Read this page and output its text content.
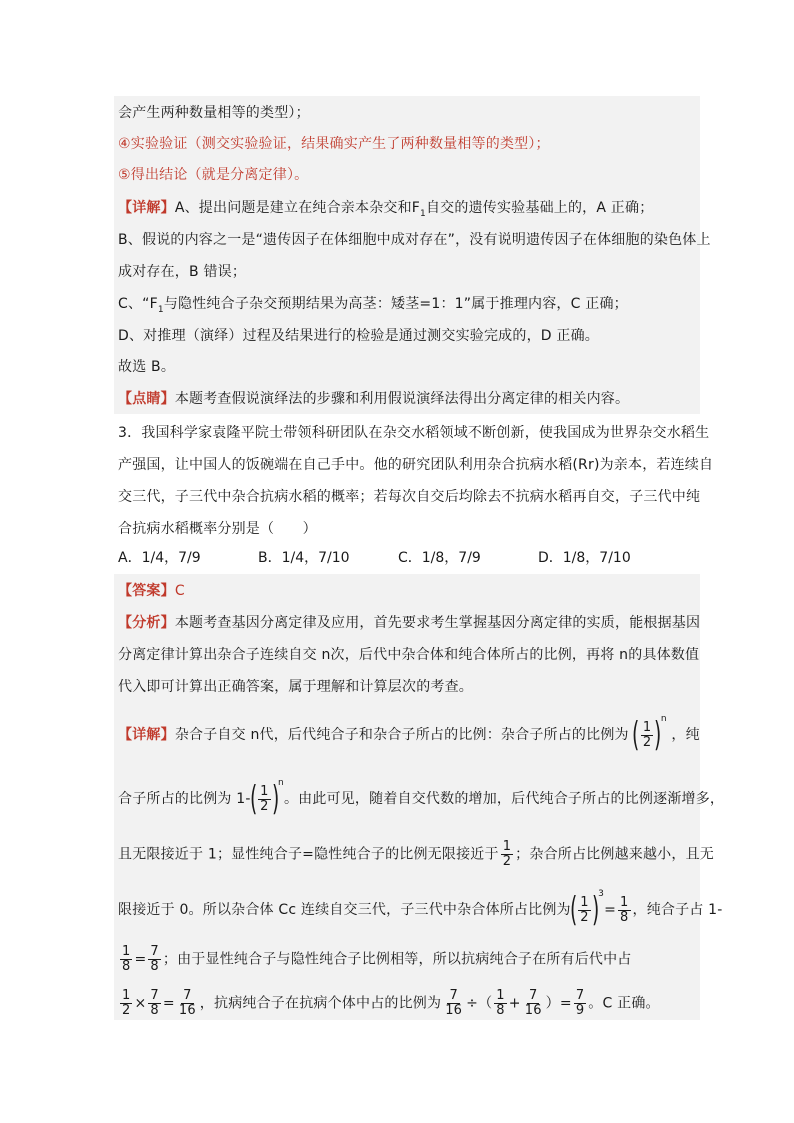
会产生两种数量相等的类型）；
④实验验证（测交实验验证，结果确实产生了两种数量相等的类型）；
⑤得出结论（就是分离定律）。
【详解】A、提出问题是建立在纯合亲本杂交和$F_1$自交的遗传实验基础上的，A 正确；
B、假说的内容之一是“遗传因子在体细胞中成对存在”，没有说明遗传因子在体细胞的染色体上
成对存在，B 错误；
C、“$F_1$与隐性纯合子杂交预期结果为高茎：矮茎=1：1”属于推理内容，C 正确；
D、对推理（演绎）过程及结果进行的检验是通过测交实验完成的，D 正确。
故选 B。
【点睛】本题考查假说演绎法的步骤和利用假说演绎法得出分离定律的相关内容。
3．我国科学家袁隆平院士带领科研团队在杂交水稻领域不断创新，使我国成为世界杂交水稻生
产强国，让中国人的饭碗端在自己手中。他的研究团队利用杂合抗病水稻(Rr)为亲本，若连续自
交三代，子三代中杂合抗病水稻的概率；若每次自交后均除去不抗病水稻再自交，子三代中纯
合抗病水稻概率分别是（　　）
A．1/4，7/9	B．1/4，7/10	C．1/8，7/9	D．1/8，7/10
【答案】C
【分析】本题考查基因分离定律及应用，首先要求考生掌握基因分离定律的实质，能根据基因
分离定律计算出杂合子连续自交 n次，后代中杂合体和纯合体所占的比例，再将 n的具体数值
代入即可计算出正确答案，属于理解和计算层次的考查。
【详解】杂合子自交 n代，后代纯合子和杂合子所占的比例：杂合子所占的比例为 ( $\frac{1}{2} )^n$ ，纯
合子所占的比例为 $1-( \frac{1}{2} )^n$。由此可见，随着自交代数的增加，后代纯合子所占的比例逐渐增多，
且无限接近于 1；显性纯合子=隐性纯合子的比例无限接近于 $\frac{1}{2}$ ；杂合所占比例越来越小，且无
限接近于 0。所以杂合体 Cc 连续自交三代，子三代中杂合体所占比例为( $\frac{1}{2} )^3= \frac{1}{8}$ ，纯合子占 1-
$\frac{1}{8} = \frac{7}{8}$ ；由于显性纯合子与隐性纯合子比例相等，所以抗病纯合子在所有后代中占
$\frac{1}{2} \times \frac{7}{8} = \frac{7}{16}$ ，抗病纯合子在抗病个体中占的比例为 $\frac{7}{16}$ ÷（ $\frac{1}{8} + \frac{7}{16}$ ）= $\frac{7}{9}$ 。C 正确。
